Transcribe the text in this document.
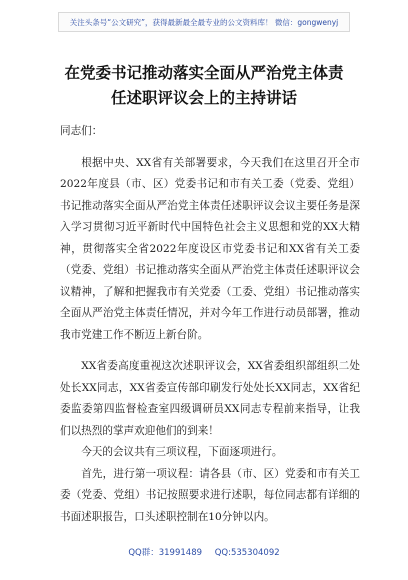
关注头条号“公文研究”，获得最新最全最专业的公文资料库！ 微信：gongwenyj
在党委书记推动落实全面从严治党主体责
任述职评议会上的主持讲话

同志们：

根据中央、XX省有关部署要求，今天我们在这里召开全市2022年度县（市、区）党委书记和市有关工委（党委、党组）书记推动落实全面从严治党主体责任述职评议会议主要任务是深入学习贯彻习近平新时代中国特色社会主义思想和党的XX大精神，贯彻落实全省2022年度设区市党委书记和XX省有关工委（党委、党组）书记推动落实全面从严治党主体责任述职评议会议精神，了解和把握我市有关党委（工委、党组）书记推动落实全面从严治党主体责任情况，并对今年工作进行动员部署，推动我市党建工作不断迈上新台阶。

XX省委高度重视这次述职评议会，XX省委组织部组织二处处长XX同志，XX省委宣传部印刷发行处处长XX同志，XX省纪委监委第四监督检查室四级调研员XX同志专程前来指导，让我们以热烈的掌声欢迎他们的到来！

今天的会议共有三项议程，下面逐项进行。

首先，进行第一项议程：请各县（市、区）党委和市有关工委（党委、党组）书记按照要求进行述职，每位同志都有详细的书面述职报告，口头述职控制在10分钟以内。

QQ群：31991489 QQ:535304092
